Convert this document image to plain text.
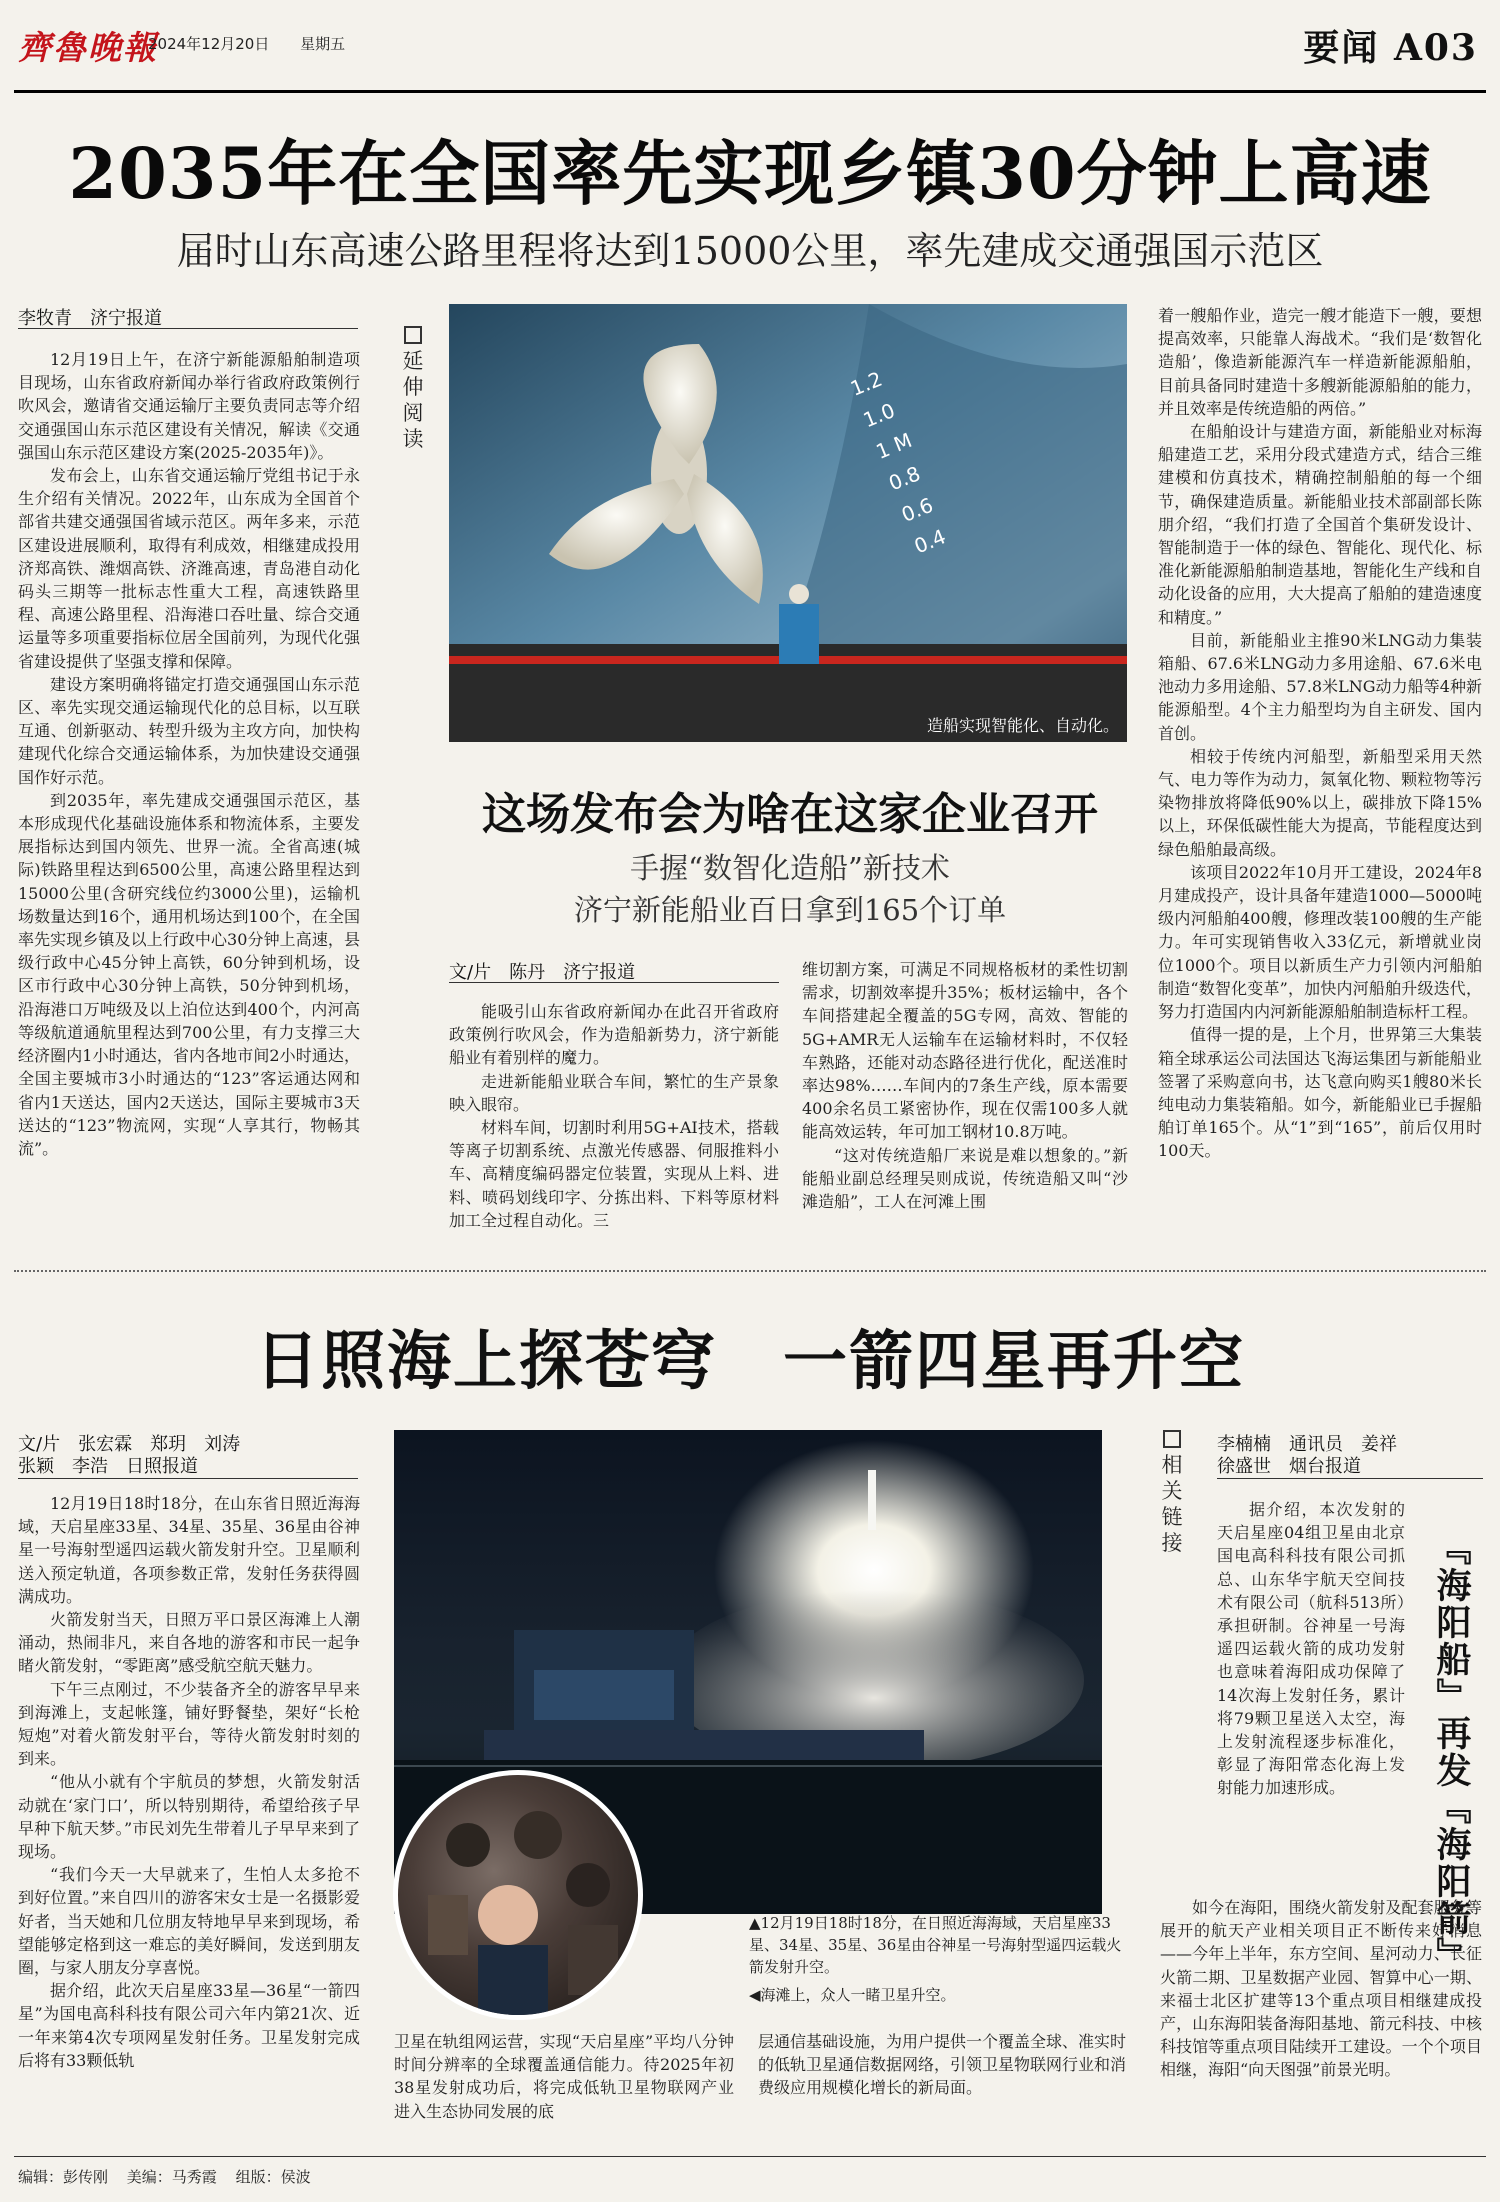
齊魯晚報
2024年12月20日 星期五	要闻 A03
2035年在全国率先实现乡镇30分钟上高速
届时山东高速公路里程将达到15000公里，率先建成交通强国示范区
李牧青　济宁报道

12月19日上午，在济宁新能源船舶制造项目现场，山东省政府新闻办举行省政府政策例行吹风会，邀请省交通运输厅主要负责同志等介绍交通强国山东示范区建设有关情况，解读《交通强国山东示范区建设方案(2025-2035年)》。

发布会上，山东省交通运输厅党组书记于永生介绍有关情况。2022年，山东成为全国首个部省共建交通强国省域示范区。两年多来，示范区建设进展顺利，取得有利成效，相继建成投用济郑高铁、潍烟高铁、济潍高速，青岛港自动化码头三期等一批标志性重大工程，高速铁路里程、高速公路里程、沿海港口吞吐量、综合交通运量等多项重要指标位居全国前列，为现代化强省建设提供了坚强支撑和保障。

建设方案明确将锚定打造交通强国山东示范区、率先实现交通运输现代化的总目标，以互联互通、创新驱动、转型升级为主攻方向，加快构建现代化综合交通运输体系，为加快建设交通强国作好示范。

到2035年，率先建成交通强国示范区，基本形成现代化基础设施体系和物流体系，主要发展指标达到国内领先、世界一流。全省高速(城际)铁路里程达到6500公里，高速公路里程达到15000公里(含研究线位约3000公里)，运输机场数量达到16个，通用机场达到100个，在全国率先实现乡镇及以上行政中心30分钟上高速，县级行政中心45分钟上高铁，60分钟到机场，设区市行政中心30分钟上高铁，50分钟到机场，沿海港口万吨级及以上泊位达到400个，内河高等级航道通航里程达到700公里，有力支撑三大经济圈内1小时通达，省内各地市间2小时通达，全国主要城市3小时通达的“123”客运通达网和省内1天送达，国内2天送达，国际主要城市3天送达的“123”物流网，实现“人享其行，物畅其流”。

延
伸
阅
读
1.2
1.0
1 M
0.8
0.6
0.4
造船实现智能化、自动化。
这场发布会为啥在这家企业召开
手握“数智化造船”新技术
济宁新能船业百日拿到165个订单
文/片　陈丹　济宁报道

能吸引山东省政府新闻办在此召开省政府政策例行吹风会，作为造船新势力，济宁新能船业有着别样的魔力。

走进新能船业联合车间，繁忙的生产景象映入眼帘。

材料车间，切割时利用5G+AI技术，搭载等离子切割系统、点激光传感器、伺服推料小车、高精度编码器定位装置，实现从上料、进料、喷码划线印字、分拣出料、下料等原材料加工全过程自动化。三

维切割方案，可满足不同规格板材的柔性切割需求，切割效率提升35%；板材运输中，各个车间搭建起全覆盖的5G专网，高效、智能的5G+AMR无人运输车在运输材料时，不仅轻车熟路，还能对动态路径进行优化，配送准时率达98%……车间内的7条生产线，原本需要400余名员工紧密协作，现在仅需100多人就能高效运转，年可加工钢材10.8万吨。

“这对传统造船厂来说是难以想象的。”新能船业副总经理吴则成说，传统造船又叫“沙滩造船”，工人在河滩上围

着一艘船作业，造完一艘才能造下一艘，要想提高效率，只能靠人海战术。“我们是‘数智化造船’，像造新能源汽车一样造新能源船舶，目前具备同时建造十多艘新能源船舶的能力，并且效率是传统造船的两倍。”

在船舶设计与建造方面，新能船业对标海船建造工艺，采用分段式建造方式，结合三维建模和仿真技术，精确控制船舶的每一个细节，确保建造质量。新能船业技术部副部长陈朋介绍，“我们打造了全国首个集研发设计、智能制造于一体的绿色、智能化、现代化、标准化新能源船舶制造基地，智能化生产线和自动化设备的应用，大大提高了船舶的建造速度和精度。”

目前，新能船业主推90米LNG动力集装箱船、67.6米LNG动力多用途船、67.6米电池动力多用途船、57.8米LNG动力船等4种新能源船型。4个主力船型均为自主研发、国内首创。

相较于传统内河船型，新船型采用天然气、电力等作为动力，氮氧化物、颗粒物等污染物排放将降低90%以上，碳排放下降15%以上，环保低碳性能大为提高，节能程度达到绿色船舶最高级。

该项目2022年10月开工建设，2024年8月建成投产，设计具备年建造1000—5000吨级内河船舶400艘，修理改装100艘的生产能力。年可实现销售收入33亿元，新增就业岗位1000个。项目以新质生产力引领内河船舶制造“数智化变革”，加快内河船舶升级迭代，努力打造国内内河新能源船舶制造标杆工程。

值得一提的是，上个月，世界第三大集装箱全球承运公司法国达飞海运集团与新能船业签署了采购意向书，达飞意向购买1艘80米长纯电动力集装箱船。如今，新能船业已手握船舶订单165个。从“1”到“165”，前后仅用时100天。

日照海上探苍穹　一箭四星再升空
文/片　张宏霖　郑玥　刘涛
张颖　李浩　日照报道

12月19日18时18分，在山东省日照近海海域，天启星座33星、34星、35星、36星由谷神星一号海射型遥四运载火箭发射升空。卫星顺利送入预定轨道，各项参数正常，发射任务获得圆满成功。

火箭发射当天，日照万平口景区海滩上人潮涌动，热闹非凡，来自各地的游客和市民一起争睹火箭发射，“零距离”感受航空航天魅力。

下午三点刚过，不少装备齐全的游客早早来到海滩上，支起帐篷，铺好野餐垫，架好“长枪短炮”对着火箭发射平台，等待火箭发射时刻的到来。

“他从小就有个宇航员的梦想，火箭发射活动就在‘家门口’，所以特别期待，希望给孩子早早种下航天梦。”市民刘先生带着儿子早早来到了现场。

“我们今天一大早就来了，生怕人太多抢不到好位置。”来自四川的游客宋女士是一名摄影爱好者，当天她和几位朋友特地早早来到现场，希望能够定格到这一难忘的美好瞬间，发送到朋友圈，与家人朋友分享喜悦。

据介绍，此次天启星座33星—36星“一箭四星”为国电高科科技有限公司六年内第21次、近一年来第4次专项网星发射任务。卫星发射完成后将有33颗低轨

▲12月19日18时18分，在日照近海海域，天启星座33星、34星、35星、36星由谷神星一号海射型遥四运载火箭发射升空。
◀海滩上，众人一睹卫星升空。

卫星在轨组网运营，实现“天启星座”平均八分钟时间分辨率的全球覆盖通信能力。待2025年初38星发射成功后，将完成低轨卫星物联网产业进入生态协同发展的底

层通信基础设施，为用户提供一个覆盖全球、准实时的低轨卫星通信数据网络，引领卫星物联网行业和消费级应用规模化增长的新局面。

相
关
链
接
李楠楠　通讯员　姜祥
徐盛世　烟台报道

据介绍，本次发射的天启星座04组卫星由北京国电高科科技有限公司抓总、山东华宇航天空间技术有限公司（航科513所）承担研制。谷神星一号海遥四运载火箭的成功发射也意味着海阳成功保障了14次海上发射任务，累计将79颗卫星送入太空，海上发射流程逐步标准化，彰显了海阳常态化海上发射能力加速形成。	『海阳船』再发『海阳箭』

如今在海阳，围绕火箭发射及配套服务等展开的航天产业相关项目正不断传来好消息——今年上半年，东方空间、星河动力、长征火箭二期、卫星数据产业园、智算中心一期、来福士北区扩建等13个重点项目相继建成投产，山东海阳装备海阳基地、箭元科技、中核科技馆等重点项目陆续开工建设。一个个项目相继，海阳“向天图强”前景光明。

编辑：彭传刚 美编：马秀霞 组版：侯波
